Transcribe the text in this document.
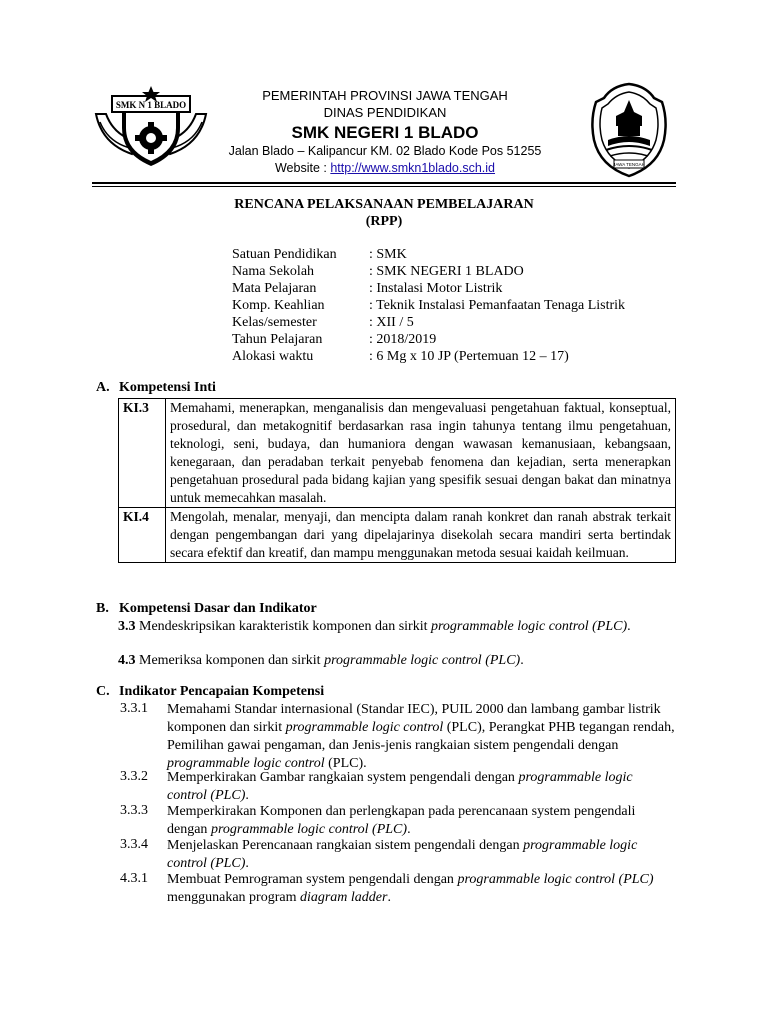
SMK N 1 BLADO
JAWA TENGAH
PEMERINTAH PROVINSI JAWA TENGAH
DINAS PENDIDIKAN
SMK NEGERI 1 BLADO
Jalan Blado – Kalipancur KM. 02 Blado Kode Pos 51255
Website : http://www.smkn1blado.sch.id
RENCANA PELAKSANAAN PEMBELAJARAN
(RPP)
Satuan Pendidikan : SMK
Nama Sekolah	: SMK NEGERI 1 BLADO
Mata Pelajaran	: Instalasi Motor Listrik
Komp. Keahlian	: Teknik Instalasi Pemanfaatan Tenaga Listrik
Kelas/semester	: XII / 5
Tahun Pelajaran	: 2018/2019
Alokasi waktu	: 6 Mg x 10 JP (Pertemuan 12 – 17)
A. Kompetensi Inti
KI.3	Memahami, menerapkan, menganalisis dan mengevaluasi pengetahuan faktual, konseptual, prosedural, dan metakognitif berdasarkan rasa ingin tahunya tentang ilmu pengetahuan, teknologi, seni, budaya, dan humaniora dengan wawasan kemanusiaan, kebangsaan, kenegaraan, dan peradaban terkait penyebab fenomena dan kejadian, serta menerapkan pengetahuan prosedural pada bidang kajian yang spesifik sesuai dengan bakat dan minatnya untuk memecahkan masalah.
KI.4	Mengolah, menalar, menyaji, dan mencipta dalam ranah konkret dan ranah abstrak terkait dengan pengembangan dari yang dipelajarinya disekolah secara mandiri serta bertindak secara efektif dan kreatif, dan mampu menggunakan metoda sesuai kaidah keilmuan.
B. Kompetensi Dasar dan Indikator
3.3 Mendeskripsikan karakteristik komponen dan sirkit programmable logic control (PLC).
4.3 Memeriksa komponen dan sirkit programmable logic control (PLC).
C. Indikator Pencapaian Kompetensi
3.3.1 Memahami Standar internasional (Standar IEC), PUIL 2000 dan lambang gambar listrik komponen dan sirkit programmable logic control (PLC), Perangkat PHB tegangan rendah, Pemilihan gawai pengaman, dan Jenis-jenis rangkaian sistem pengendali dengan programmable logic control (PLC).
3.3.2 Memperkirakan Gambar rangkaian system pengendali dengan programmable logic control (PLC).
3.3.3 Memperkirakan Komponen dan perlengkapan pada perencanaan system pengendali dengan programmable logic control (PLC).
3.3.4 Menjelaskan Perencanaan rangkaian sistem pengendali dengan programmable logic control (PLC).
4.3.1 Membuat Pemrograman system pengendali dengan programmable logic control (PLC) menggunakan program diagram ladder.
